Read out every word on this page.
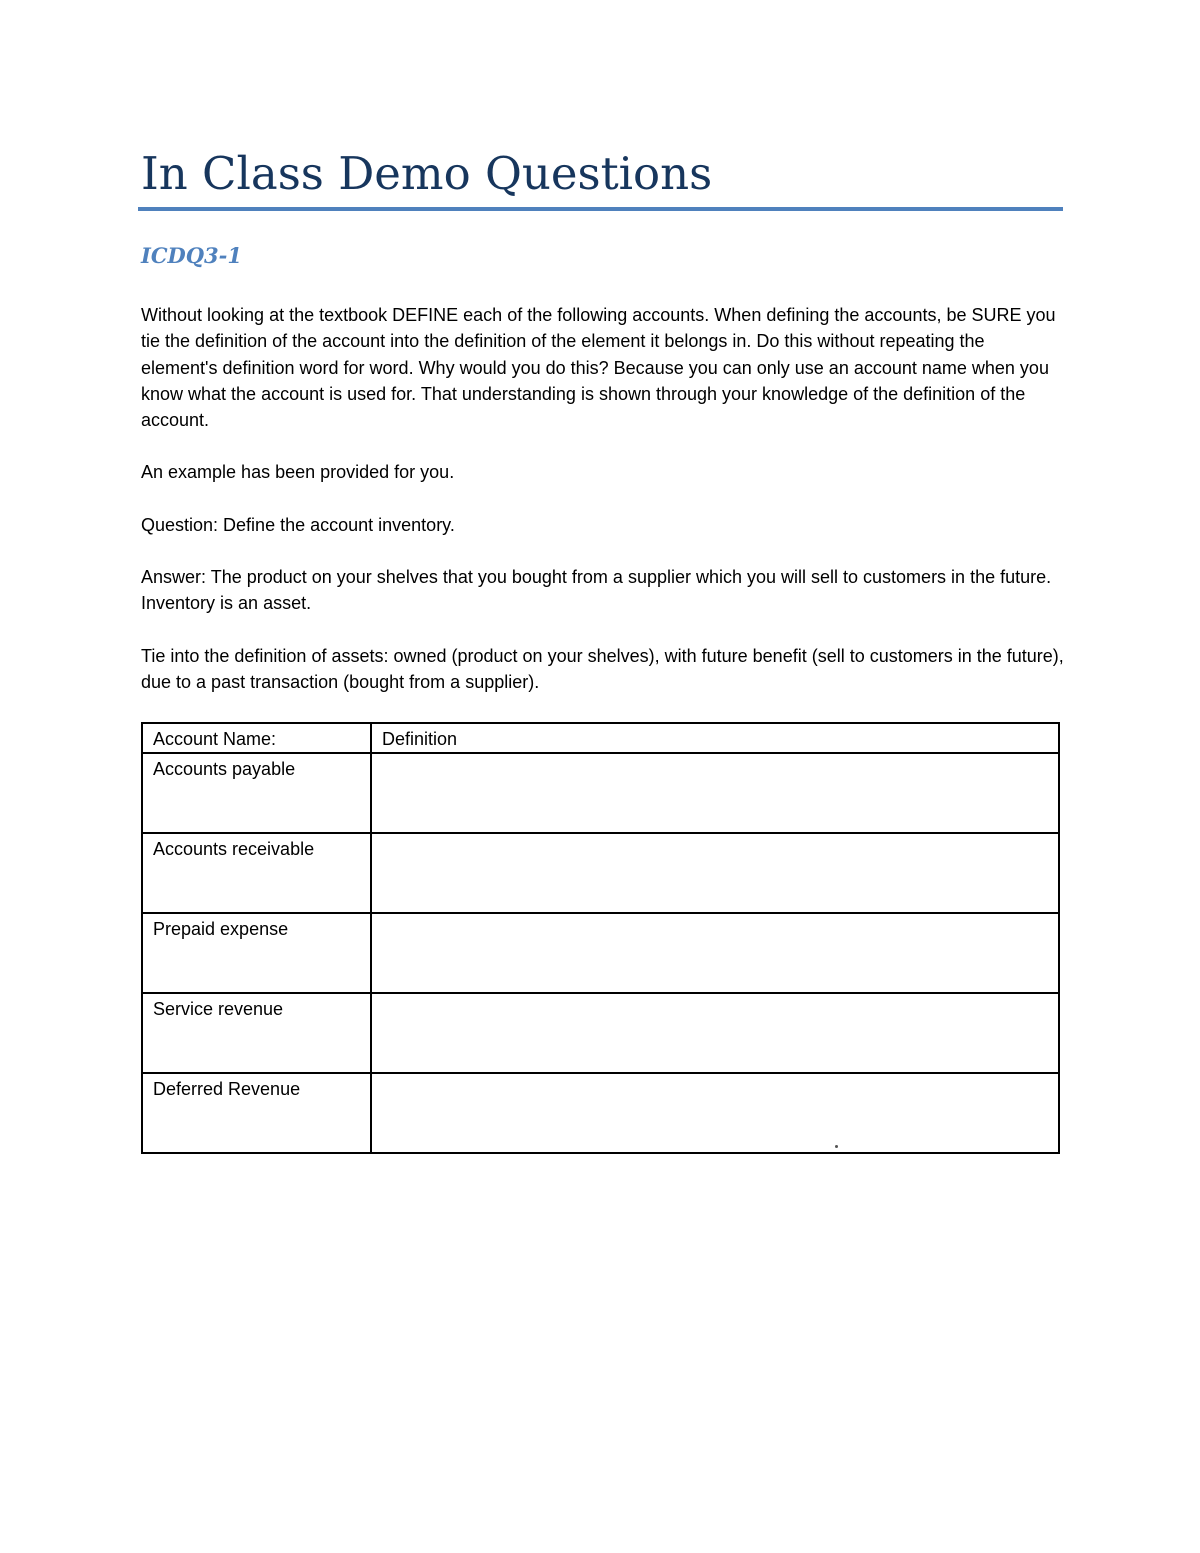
In Class Demo Questions
ICDQ3-1

Without looking at the textbook DEFINE each of the following accounts. When defining the accounts, be SURE you tie the definition of the account into the definition of the element it belongs in. Do this without repeating the element's definition word for word. Why would you do this? Because you can only use an account name when you know what the account is used for. That understanding is shown through your knowledge of the definition of the account.

An example has been provided for you.

Question: Define the account inventory.

Answer: The product on your shelves that you bought from a supplier which you will sell to customers in the future. Inventory is an asset.

Tie into the definition of assets: owned (product on your shelves), with future benefit (sell to customers in the future), due to a past transaction (bought from a supplier).

Account Name:	Definition
Accounts payable	
Accounts receivable	
Prepaid expense	
Service revenue	
Deferred Revenue	
